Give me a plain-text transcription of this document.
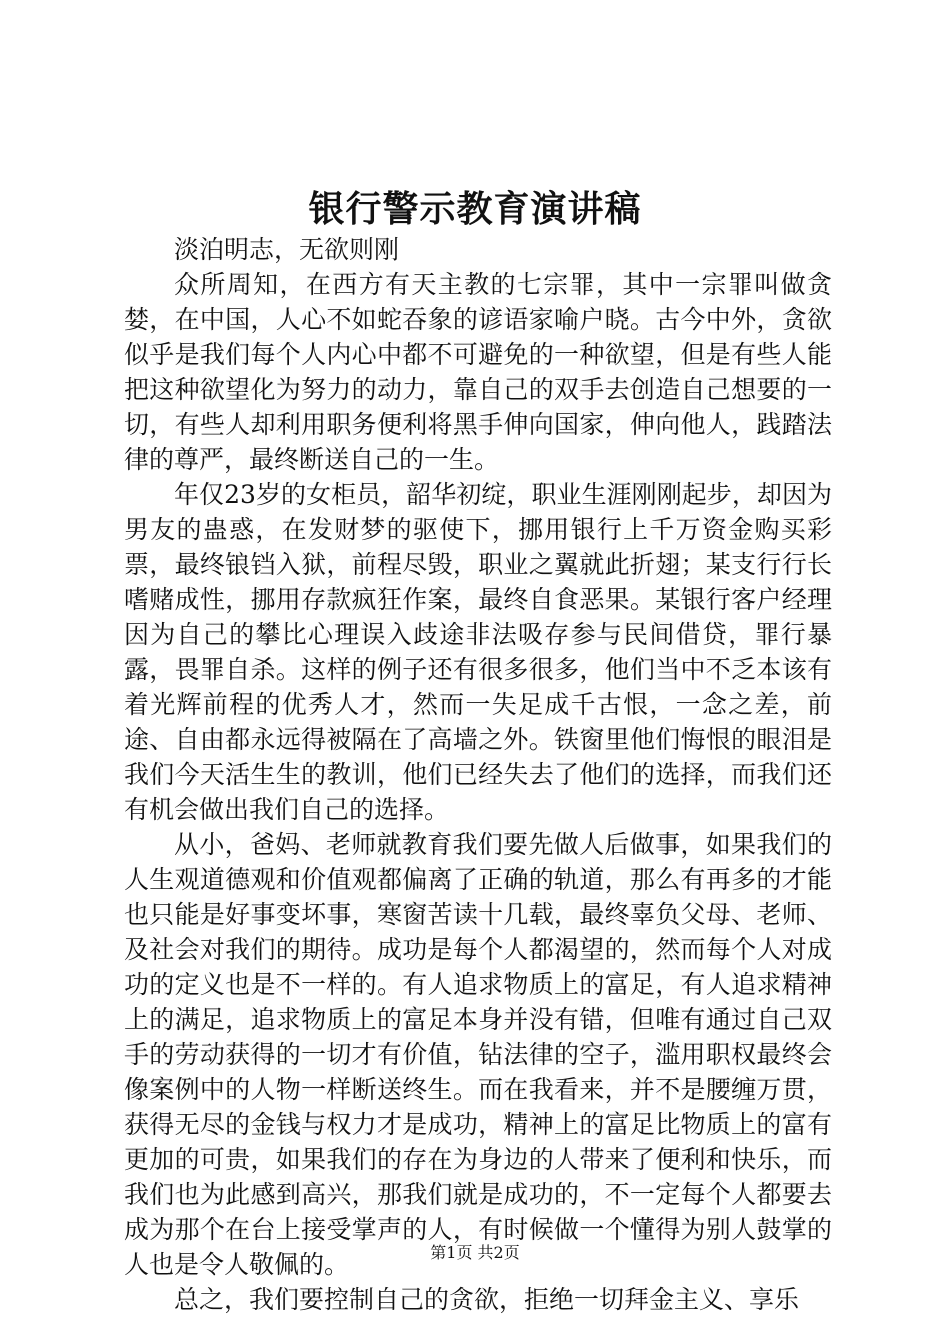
银行警示教育演讲稿

淡泊明志，无欲则刚

众所周知，在西方有天主教的七宗罪，其中一宗罪叫做贪婪，在中国，人心不如蛇吞象的谚语家喻户晓。古今中外，贪欲似乎是我们每个人内心中都不可避免的一种欲望，但是有些人能把这种欲望化为努力的动力，靠自己的双手去创造自己想要的一切，有些人却利用职务便利将黑手伸向国家，伸向他人，践踏法律的尊严，最终断送自己的一生。

年仅23岁的女柜员，韶华初绽，职业生涯刚刚起步，却因为男友的蛊惑，在发财梦的驱使下，挪用银行上千万资金购买彩票，最终锒铛入狱，前程尽毁，职业之翼就此折翅；某支行行长嗜赌成性，挪用存款疯狂作案，最终自食恶果。某银行客户经理因为自己的攀比心理误入歧途非法吸存参与民间借贷，罪行暴露，畏罪自杀。这样的例子还有很多很多，他们当中不乏本该有着光辉前程的优秀人才，然而一失足成千古恨，一念之差，前途、自由都永远得被隔在了高墙之外。铁窗里他们悔恨的眼泪是我们今天活生生的教训，他们已经失去了他们的选择，而我们还有机会做出我们自己的选择。

从小，爸妈、老师就教育我们要先做人后做事，如果我们的人生观道德观和价值观都偏离了正确的轨道，那么有再多的才能也只能是好事变坏事，寒窗苦读十几载，最终辜负父母、老师、及社会对我们的期待。成功是每个人都渴望的，然而每个人对成功的定义也是不一样的。有人追求物质上的富足，有人追求精神上的满足，追求物质上的富足本身并没有错，但唯有通过自己双手的劳动获得的一切才有价值，钻法律的空子，滥用职权最终会像案例中的人物一样断送终生。而在我看来，并不是腰缠万贯，获得无尽的金钱与权力才是成功，精神上的富足比物质上的富有更加的可贵，如果我们的存在为身边的人带来了便利和快乐，而我们也为此感到高兴，那我们就是成功的，不一定每个人都要去成为那个在台上接受掌声的人，有时候做一个懂得为别人鼓掌的人也是令人敬佩的。

总之，我们要控制自己的贪欲，拒绝一切拜金主义、享乐

第1页 共2页
